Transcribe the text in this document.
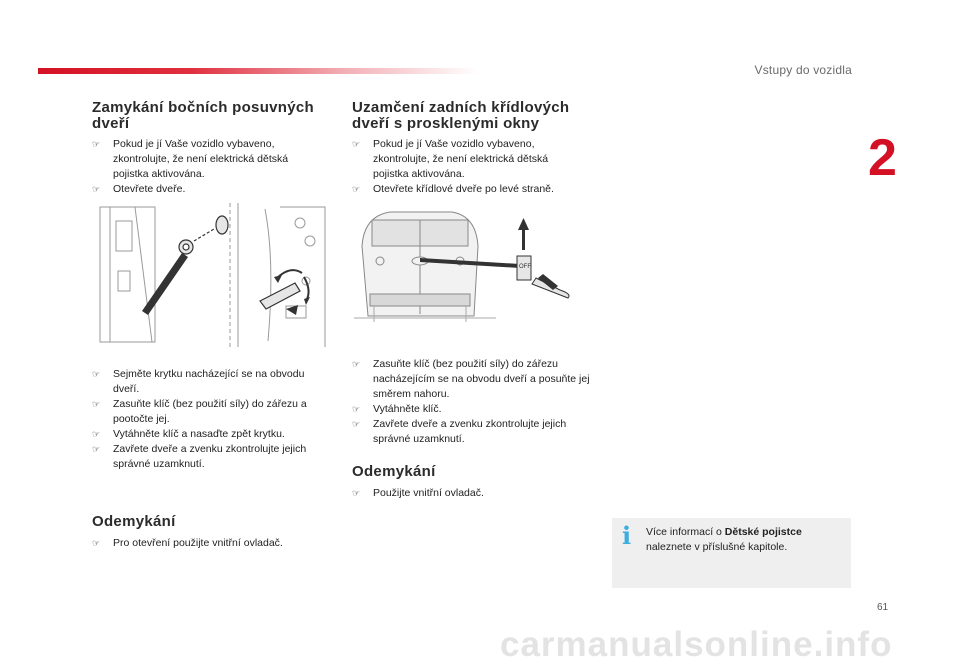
Vstupy do vozidla
2
Zamykání bočních posuvných dveří
☞ Pokud je jí Vaše vozidlo vybaveno, zkontrolujte, že není elektrická dětská pojistka aktivována.
☞ Otevřete dveře.
☞ Sejměte krytku nacházející se na obvodu dveří.
☞ Zasuňte klíč (bez použití síly) do zářezu a pootočte jej.
☞ Vytáhněte klíč a nasaďte zpět krytku.
☞ Zavřete dveře a zvenku zkontrolujte jejich správné uzamknutí.
Odemykání
☞ Pro otevření použijte vnitřní ovladač.
Uzamčení zadních křídlových dveří s prosklenými okny
☞ Pokud je jí Vaše vozidlo vybaveno, zkontrolujte, že není elektrická dětská pojistka aktivována.
☞ Otevřete křídlové dveře po levé straně.
OFF
☞ Zasuňte klíč (bez použití síly) do zářezu nacházejícím se na obvodu dveří a posuňte jej směrem nahoru.
☞ Vytáhněte klíč.
☞ Zavřete dveře a zvenku zkontrolujte jejich správné uzamknutí.
Odemykání
☞ Použijte vnitřní ovladač.
i Více informací o Dětské pojistce naleznete v příslušné kapitole.
61
carmanualsonline.info
